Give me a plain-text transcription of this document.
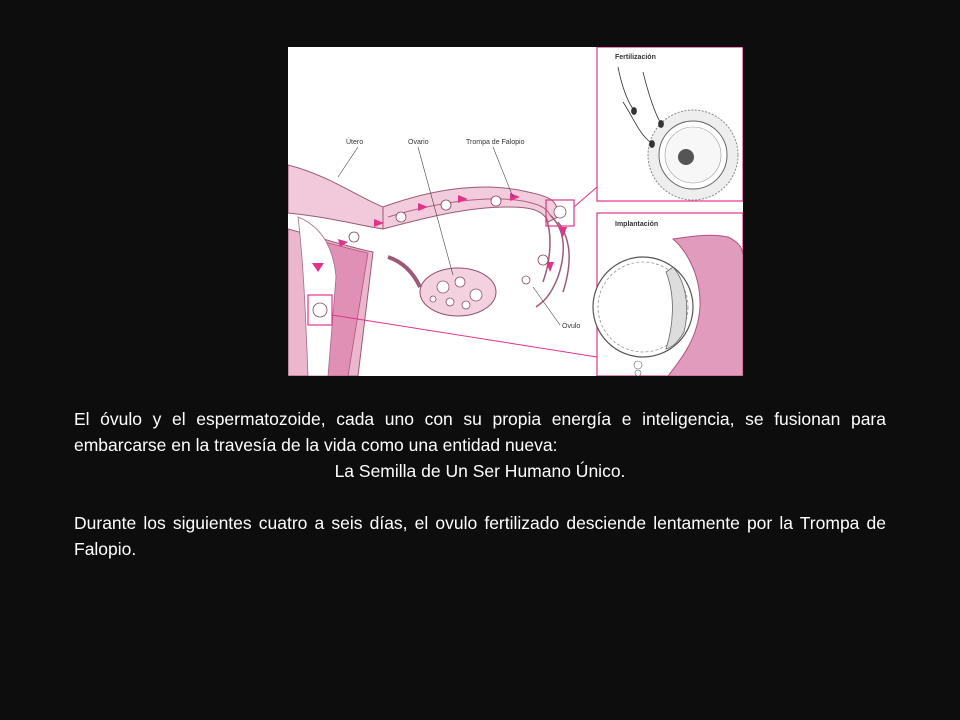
Útero	Ovario	Trompa de Falopio
Óvulo
Fertilización
Implantación

El óvulo y el espermatozoide, cada uno con su propia energía e inteligencia, se fusionan para embarcarse en la travesía de la vida como una entidad nueva:

La Semilla de Un Ser Humano Único.

Durante los siguientes cuatro a seis días, el ovulo fertilizado desciende lentamente por la Trompa de Falopio.
